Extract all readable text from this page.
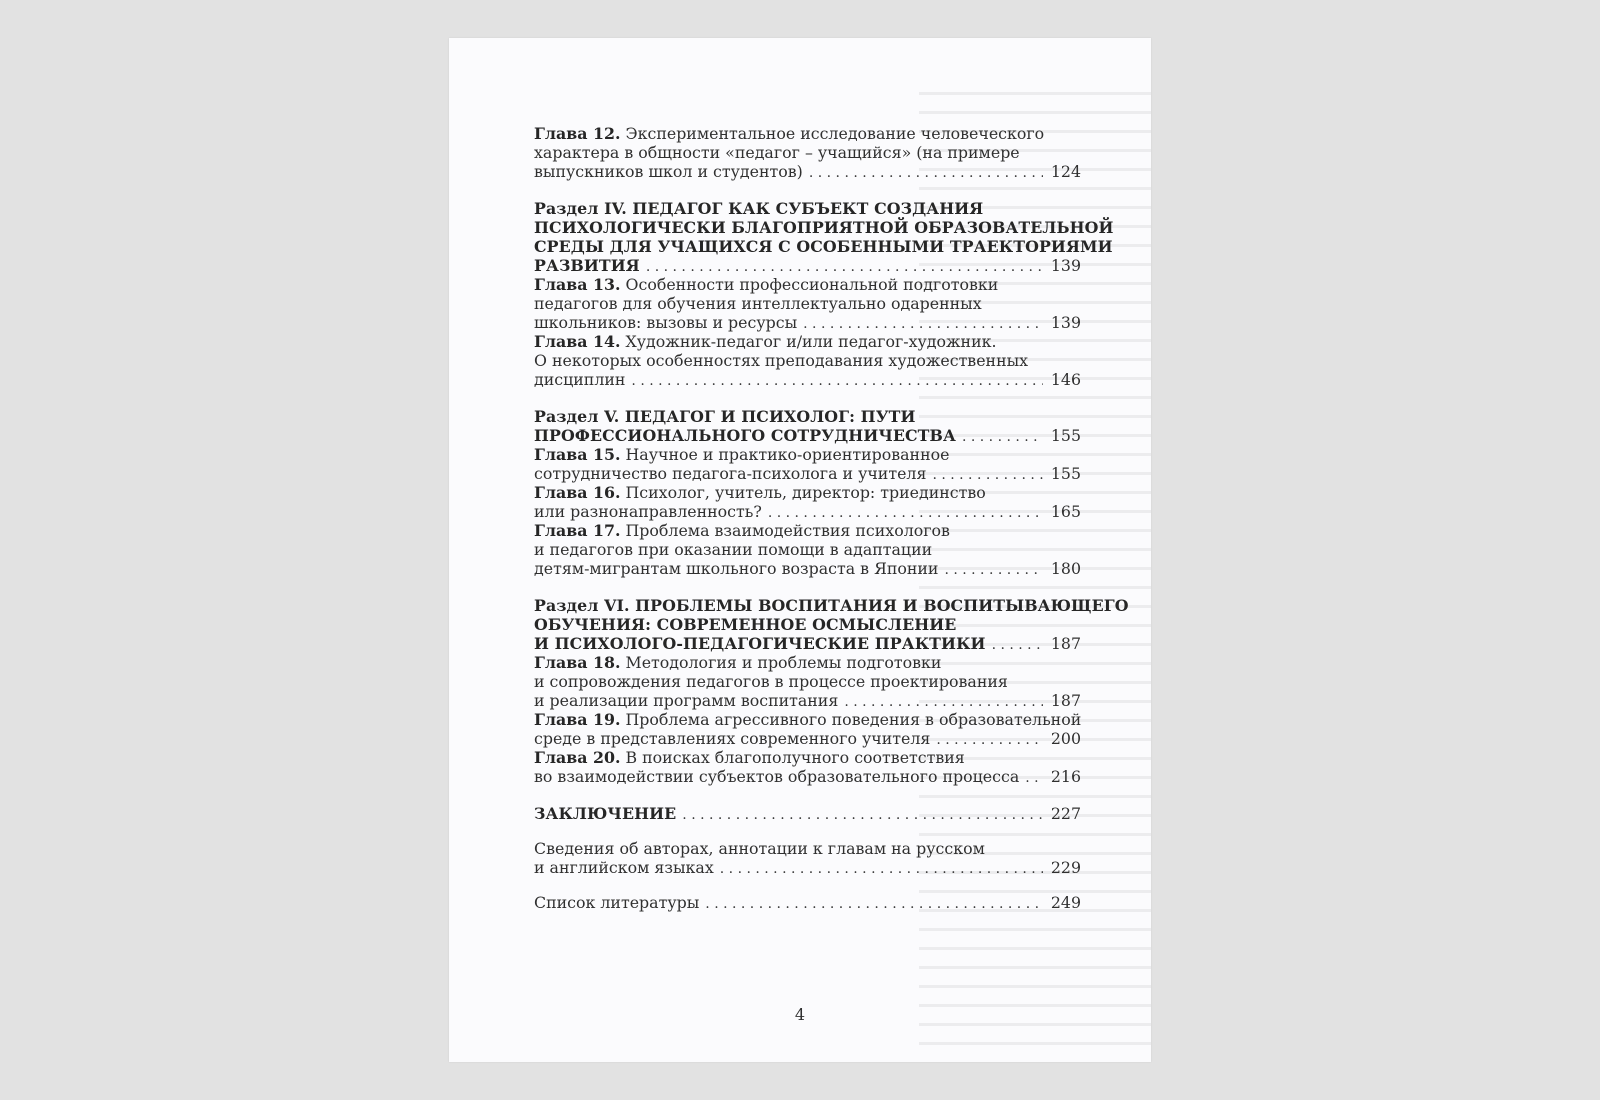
Глава 12. Экспериментальное исследование человеческого
характера в общности «педагог – учащийся» (на примере
выпускников школ и студентов) . . .	124
Раздел IV. ПЕДАГОГ КАК СУБЪЕКТ СОЗДАНИЯ
ПСИХОЛОГИЧЕСКИ БЛАГОПРИЯТНОЙ ОБРАЗОВАТЕЛЬНОЙ
СРЕДЫ ДЛЯ УЧАЩИХСЯ С ОСОБЕННЫМИ ТРАЕКТОРИЯМИ
РАЗВИТИЯ . . .	139
Глава 13. Особенности профессиональной подготовки
педагогов для обучения интеллектуально одаренных
школьников: вызовы и ресурсы . . .	139
Глава 14. Художник-педагог и/или педагог-художник.
О некоторых особенностях преподавания художественных
дисциплин . . .	146
Раздел V. ПЕДАГОГ И ПСИХОЛОГ: ПУТИ
ПРОФЕССИОНАЛЬНОГО СОТРУДНИЧЕСТВА . . .	155
Глава 15. Научное и практико-ориентированное
сотрудничество педагога-психолога и учителя . . .	155
Глава 16. Психолог, учитель, директор: триединство
или разнонаправленность? . . .	165
Глава 17. Проблема взаимодействия психологов
и педагогов при оказании помощи в адаптации
детям-мигрантам школьного возраста в Японии . . .	180
Раздел VI. ПРОБЛЕМЫ ВОСПИТАНИЯ И ВОСПИТЫВАЮЩЕГО
ОБУЧЕНИЯ: СОВРЕМЕННОЕ ОСМЫСЛЕНИЕ
И ПСИХОЛОГО-ПЕДАГОГИЧЕСКИЕ ПРАКТИКИ . . .	187
Глава 18. Методология и проблемы подготовки
и сопровождения педагогов в процессе проектирования
и реализации программ воспитания . . .	187
Глава 19. Проблема агрессивного поведения в образовательной
среде в представлениях современного учителя . . .	200
Глава 20. В поисках благополучного соответствия
во взаимодействии субъектов образовательного процесса . . . 216
ЗАКЛЮЧЕНИЕ . . .	227
Сведения об авторах, аннотации к главам на русском
и английском языках . . .	229
Список литературы . . .	249
4
